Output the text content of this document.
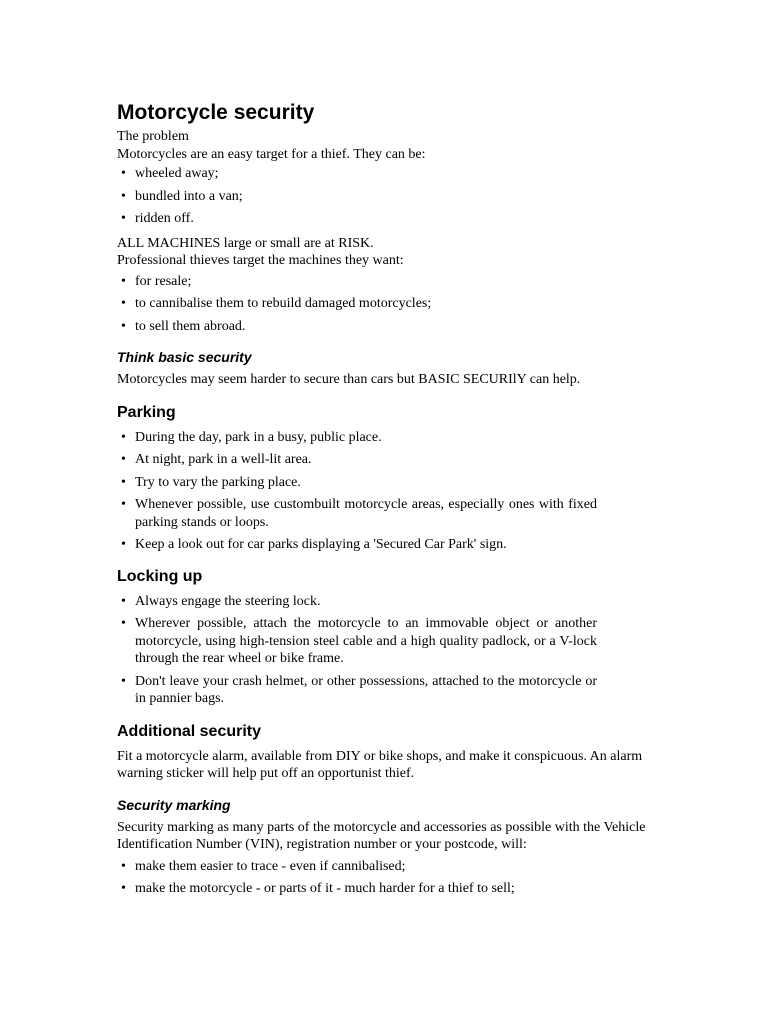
Motorcycle security

The problem

Motorcycles are an easy target for a thief. They can be:

• wheeled away;
• bundled into a van;
• ridden off.

ALL MACHINES large or small are at RISK.

Professional thieves target the machines they want:

• for resale;
• to cannibalise them to rebuild damaged motorcycles;
• to sell them abroad.
Think basic security

Motorcycles may seem harder to secure than cars but BASIC SECURIlY can help.

Parking
• During the day, park in a busy, public place.
• At night, park in a well-lit area.
• Try to vary the parking place.
• Whenever possible, use custombuilt motorcycle areas, especially ones with fixed parking stands or loops.
• Keep a look out for car parks displaying a 'Secured Car Park' sign.
Locking up
• Always engage the steering lock.
• Wherever possible, attach the motorcycle to an immovable object or another motorcycle, using high-tension steel cable and a high quality padlock, or a V-lock through the rear wheel or bike frame.
• Don't leave your crash helmet, or other possessions, attached to the motorcycle or in pannier bags.
Additional security

Fit a motorcycle alarm, available from DIY or bike shops, and make it conspicuous. An alarm warning sticker will help put off an opportunist thief.

Security marking

Security marking as many parts of the motorcycle and accessories as possible with the Vehicle Identification Number (VIN), registration number or your postcode, will:

• make them easier to trace - even if cannibalised;
• make the motorcycle - or parts of it - much harder for a thief to sell;
